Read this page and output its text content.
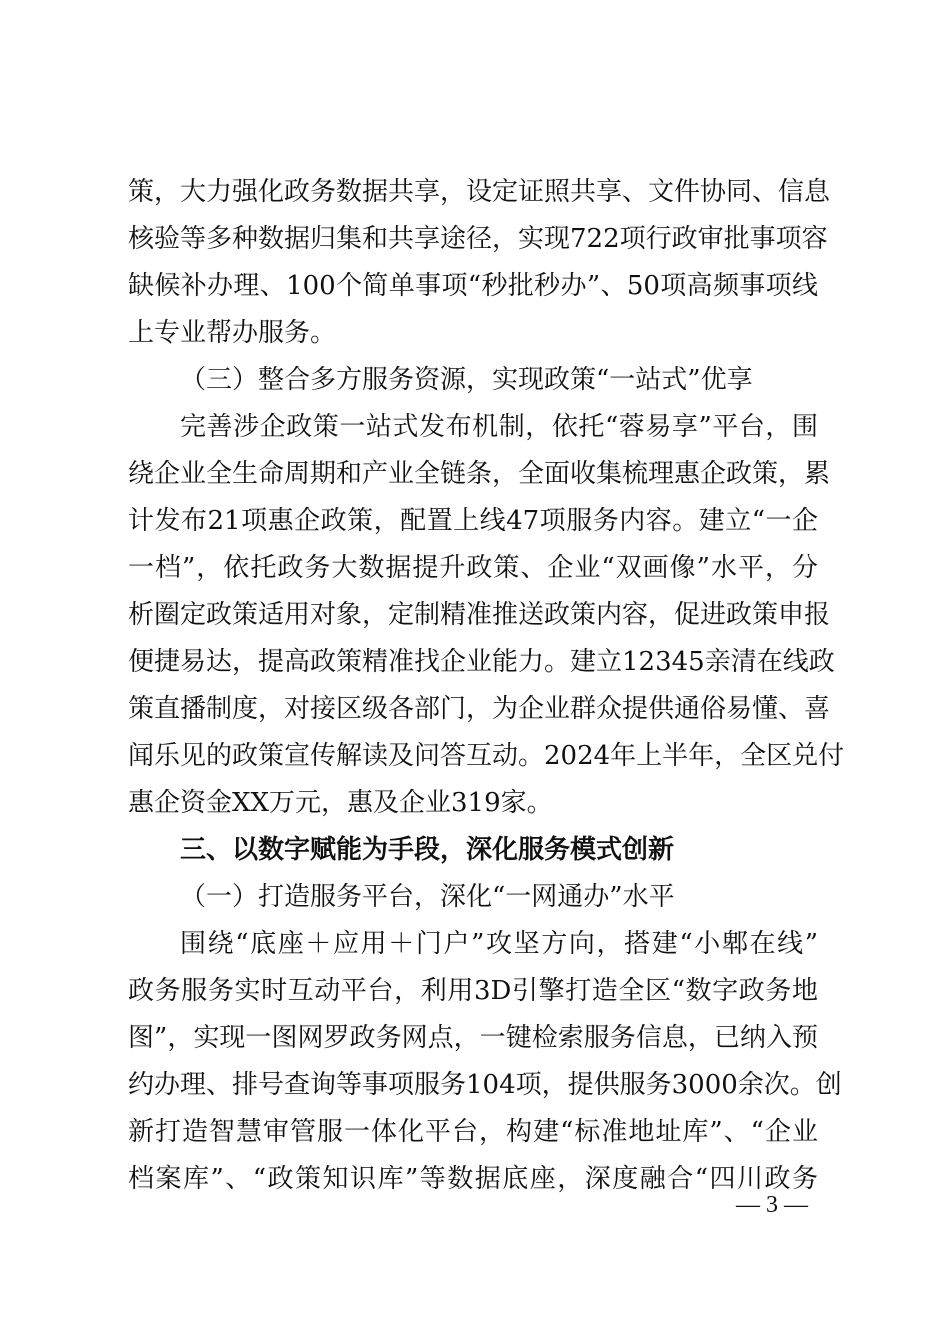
策，大力强化政务数据共享，设定证照共享、文件协同、信息
核验等多种数据归集和共享途径，实现722项行政审批事项容
缺候补办理、100个简单事项“秒批秒办”、50项高频事项线
上专业帮办服务。
（三）整合多方服务资源，实现政策“一站式”优享
完善涉企政策一站式发布机制，依托“蓉易享”平台，围
绕企业全生命周期和产业全链条，全面收集梳理惠企政策，累
计发布21项惠企政策，配置上线47项服务内容。建立“一企
一档”，依托政务大数据提升政策、企业“双画像”水平，分
析圈定政策适用对象，定制精准推送政策内容，促进政策申报
便捷易达，提高政策精准找企业能力。建立12345亲清在线政
策直播制度，对接区级各部门，为企业群众提供通俗易懂、喜
闻乐见的政策宣传解读及问答互动。2024年上半年，全区兑付
惠企资金XX万元，惠及企业319家。
三、以数字赋能为手段，深化服务模式创新
（一）打造服务平台，深化“一网通办”水平
围绕“底座＋应用＋门户”攻坚方向，搭建“小郫在线”
政务服务实时互动平台，利用3D引擎打造全区“数字政务地
图”，实现一图网罗政务网点，一键检索服务信息，已纳入预
约办理、排号查询等事项服务104项，提供服务3000余次。创
新打造智慧审管服一体化平台，构建“标准地址库”、“企业
档案库”、“政策知识库”等数据底座，深度融合“四川政务
— 3 —
